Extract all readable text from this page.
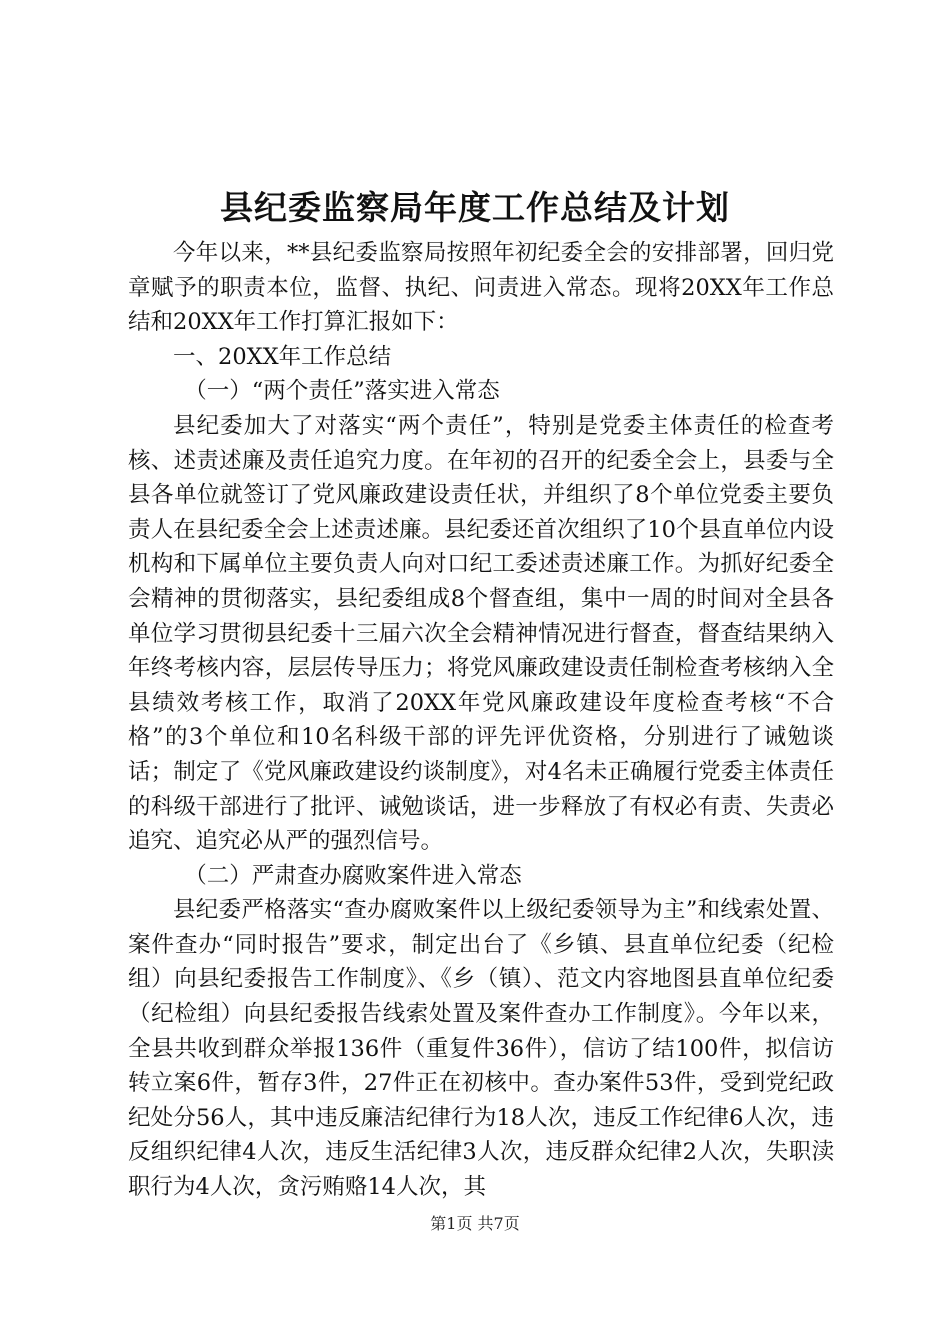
县纪委监察局年度工作总结及计划

今年以来，**县纪委监察局按照年初纪委全会的安排部署，回归党章赋予的职责本位，监督、执纪、问责进入常态。现将20XX年工作总结和20XX年工作打算汇报如下：

一、20XX年工作总结

（一）“两个责任”落实进入常态

县纪委加大了对落实“两个责任”，特别是党委主体责任的检查考核、述责述廉及责任追究力度。在年初的召开的纪委全会上，县委与全县各单位就签订了党风廉政建设责任状，并组织了8个单位党委主要负责人在县纪委全会上述责述廉。县纪委还首次组织了10个县直单位内设机构和下属单位主要负责人向对口纪工委述责述廉工作。为抓好纪委全会精神的贯彻落实，县纪委组成8个督查组，集中一周的时间对全县各单位学习贯彻县纪委十三届六次全会精神情况进行督查，督查结果纳入年终考核内容，层层传导压力；将党风廉政建设责任制检查考核纳入全县绩效考核工作，取消了20XX年党风廉政建设年度检查考核“不合格”的3个单位和10名科级干部的评先评优资格，分别进行了诫勉谈话；制定了《党风廉政建设约谈制度》，对4名未正确履行党委主体责任的科级干部进行了批评、诫勉谈话，进一步释放了有权必有责、失责必追究、追究必从严的强烈信号。

（二）严肃查办腐败案件进入常态

县纪委严格落实“查办腐败案件以上级纪委领导为主”和线索处置、案件查办“同时报告”要求，制定出台了《乡镇、县直单位纪委（纪检组）向县纪委报告工作制度》、《乡（镇）、范文内容地图县直单位纪委（纪检组）向县纪委报告线索处置及案件查办工作制度》。今年以来，全县共收到群众举报136件（重复件36件），信访了结100件，拟信访转立案6件，暂存3件，27件正在初核中。查办案件53件，受到党纪政纪处分56人，其中违反廉洁纪律行为18人次，违反工作纪律6人次，违反组织纪律4人次，违反生活纪律3人次，违反群众纪律2人次，失职渎职行为4人次，贪污贿赂14人次，其

第1页 共7页
